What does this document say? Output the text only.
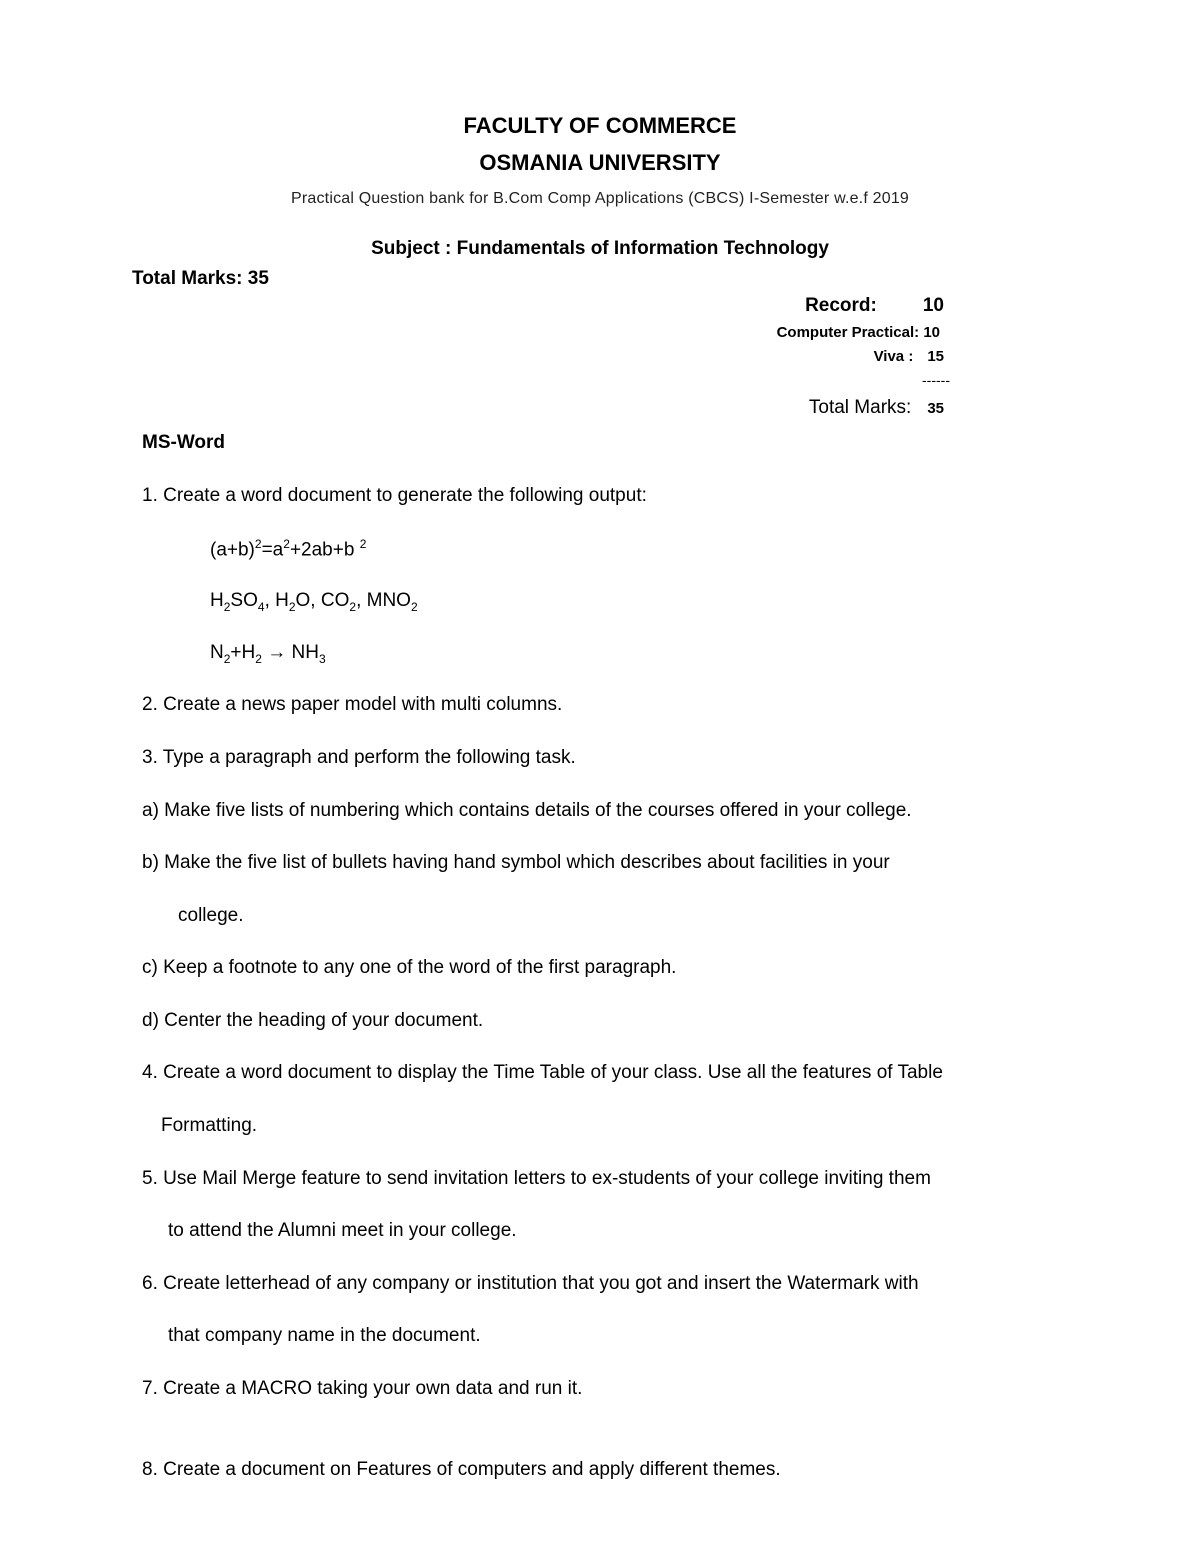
FACULTY OF COMMERCE
OSMANIA UNIVERSITY
Practical Question bank for B.Com Comp Applications (CBCS) I-Semester w.e.f 2019
Subject : Fundamentals of Information Technology
Total Marks: 35
Record: 10
Computer Practical: 10
Viva : 15
------
Total Marks: 35
MS-Word
1. Create a word document to generate the following output:
$(a+b)^2=a^2+2ab+b$ $^2$
$H_2SO_4$, $H_2O$, $CO_2$, $MNO_2$
$N_2+H_2 \to NH_3$
2. Create a news paper model with multi columns.
3. Type a paragraph and perform the following task.
a) Make five lists of numbering which contains details of the courses offered in your college.
b) Make the five list of bullets having hand symbol which describes about facilities in your
college.
c) Keep a footnote to any one of the word of the first paragraph.
d) Center the heading of your document.
4. Create a word document to display the Time Table of your class. Use all the features of Table
Formatting.
5. Use Mail Merge feature to send invitation letters to ex-students of your college inviting them
to attend the Alumni meet in your college.
6. Create letterhead of any company or institution that you got and insert the Watermark with
that company name in the document.
7. Create a MACRO taking your own data and run it.
8. Create a document on Features of computers and apply different themes.
